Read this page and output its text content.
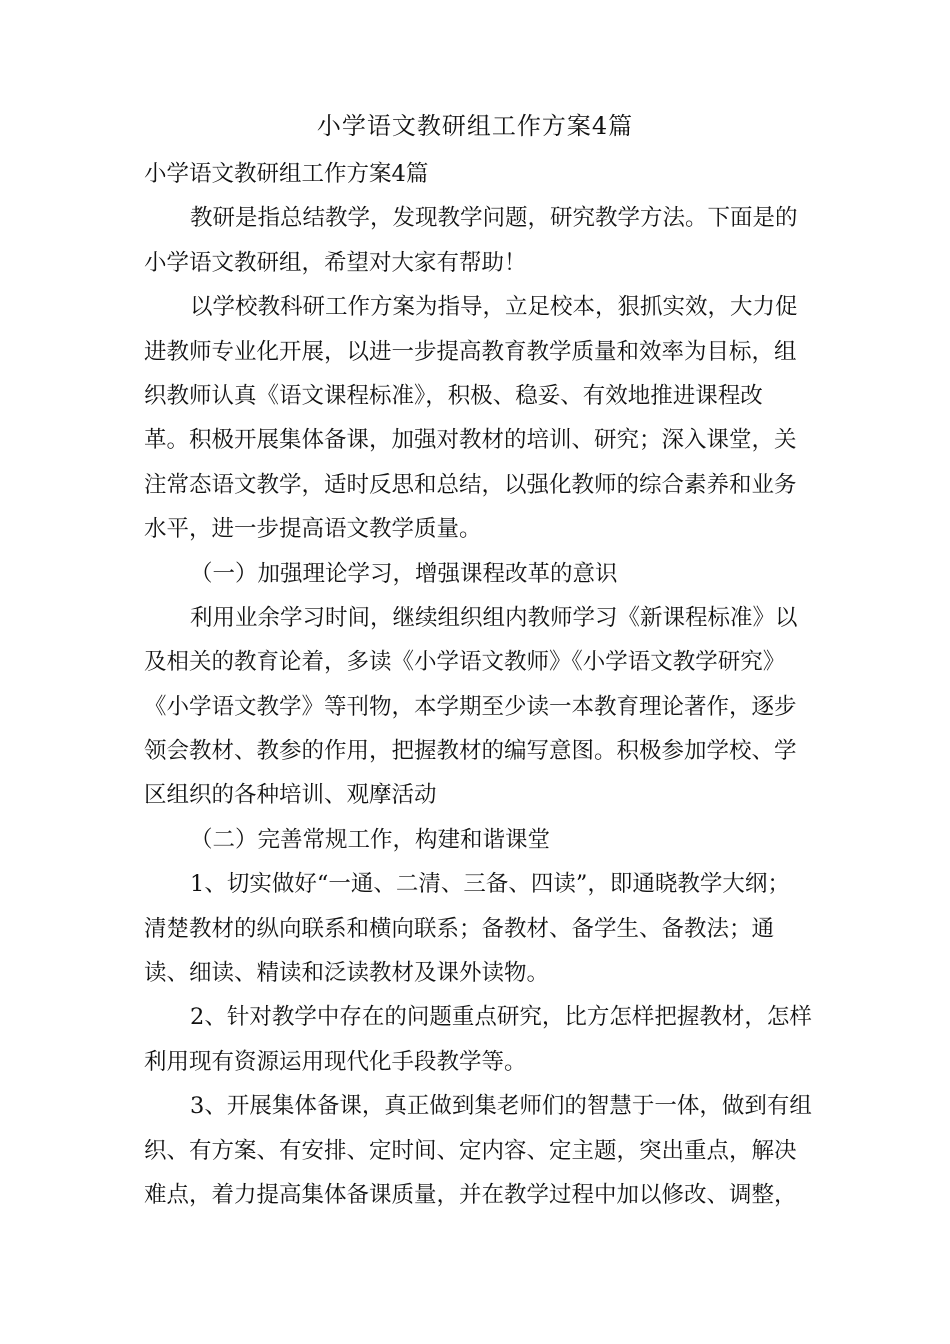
小学语文教研组工作方案4篇
小学语文教研组工作方案4篇
教研是指总结教学，发现教学问题，研究教学方法。下面是的
小学语文教研组，希望对大家有帮助！
以学校教科研工作方案为指导，立足校本，狠抓实效，大力促
进教师专业化开展，以进一步提高教育教学质量和效率为目标，组
织教师认真《语文课程标准》，积极、稳妥、有效地推进课程改
革。积极开展集体备课，加强对教材的培训、研究；深入课堂，关
注常态语文教学，适时反思和总结，以强化教师的综合素养和业务
水平，进一步提高语文教学质量。
（一）加强理论学习，增强课程改革的意识
利用业余学习时间，继续组织组内教师学习《新课程标准》以
及相关的教育论着，多读《小学语文教师》《小学语文教学研究》
《小学语文教学》等刊物，本学期至少读一本教育理论著作，逐步
领会教材、教参的作用，把握教材的编写意图。积极参加学校、学
区组织的各种培训、观摩活动
（二）完善常规工作，构建和谐课堂
1、切实做好“一通、二清、三备、四读”，即通晓教学大纲；
清楚教材的纵向联系和横向联系；备教材、备学生、备教法；通
读、细读、精读和泛读教材及课外读物。
2、针对教学中存在的问题重点研究，比方怎样把握教材，怎样
利用现有资源运用现代化手段教学等。
3、开展集体备课，真正做到集老师们的智慧于一体，做到有组
织、有方案、有安排、定时间、定内容、定主题，突出重点，解决
难点，着力提高集体备课质量，并在教学过程中加以修改、调整，
